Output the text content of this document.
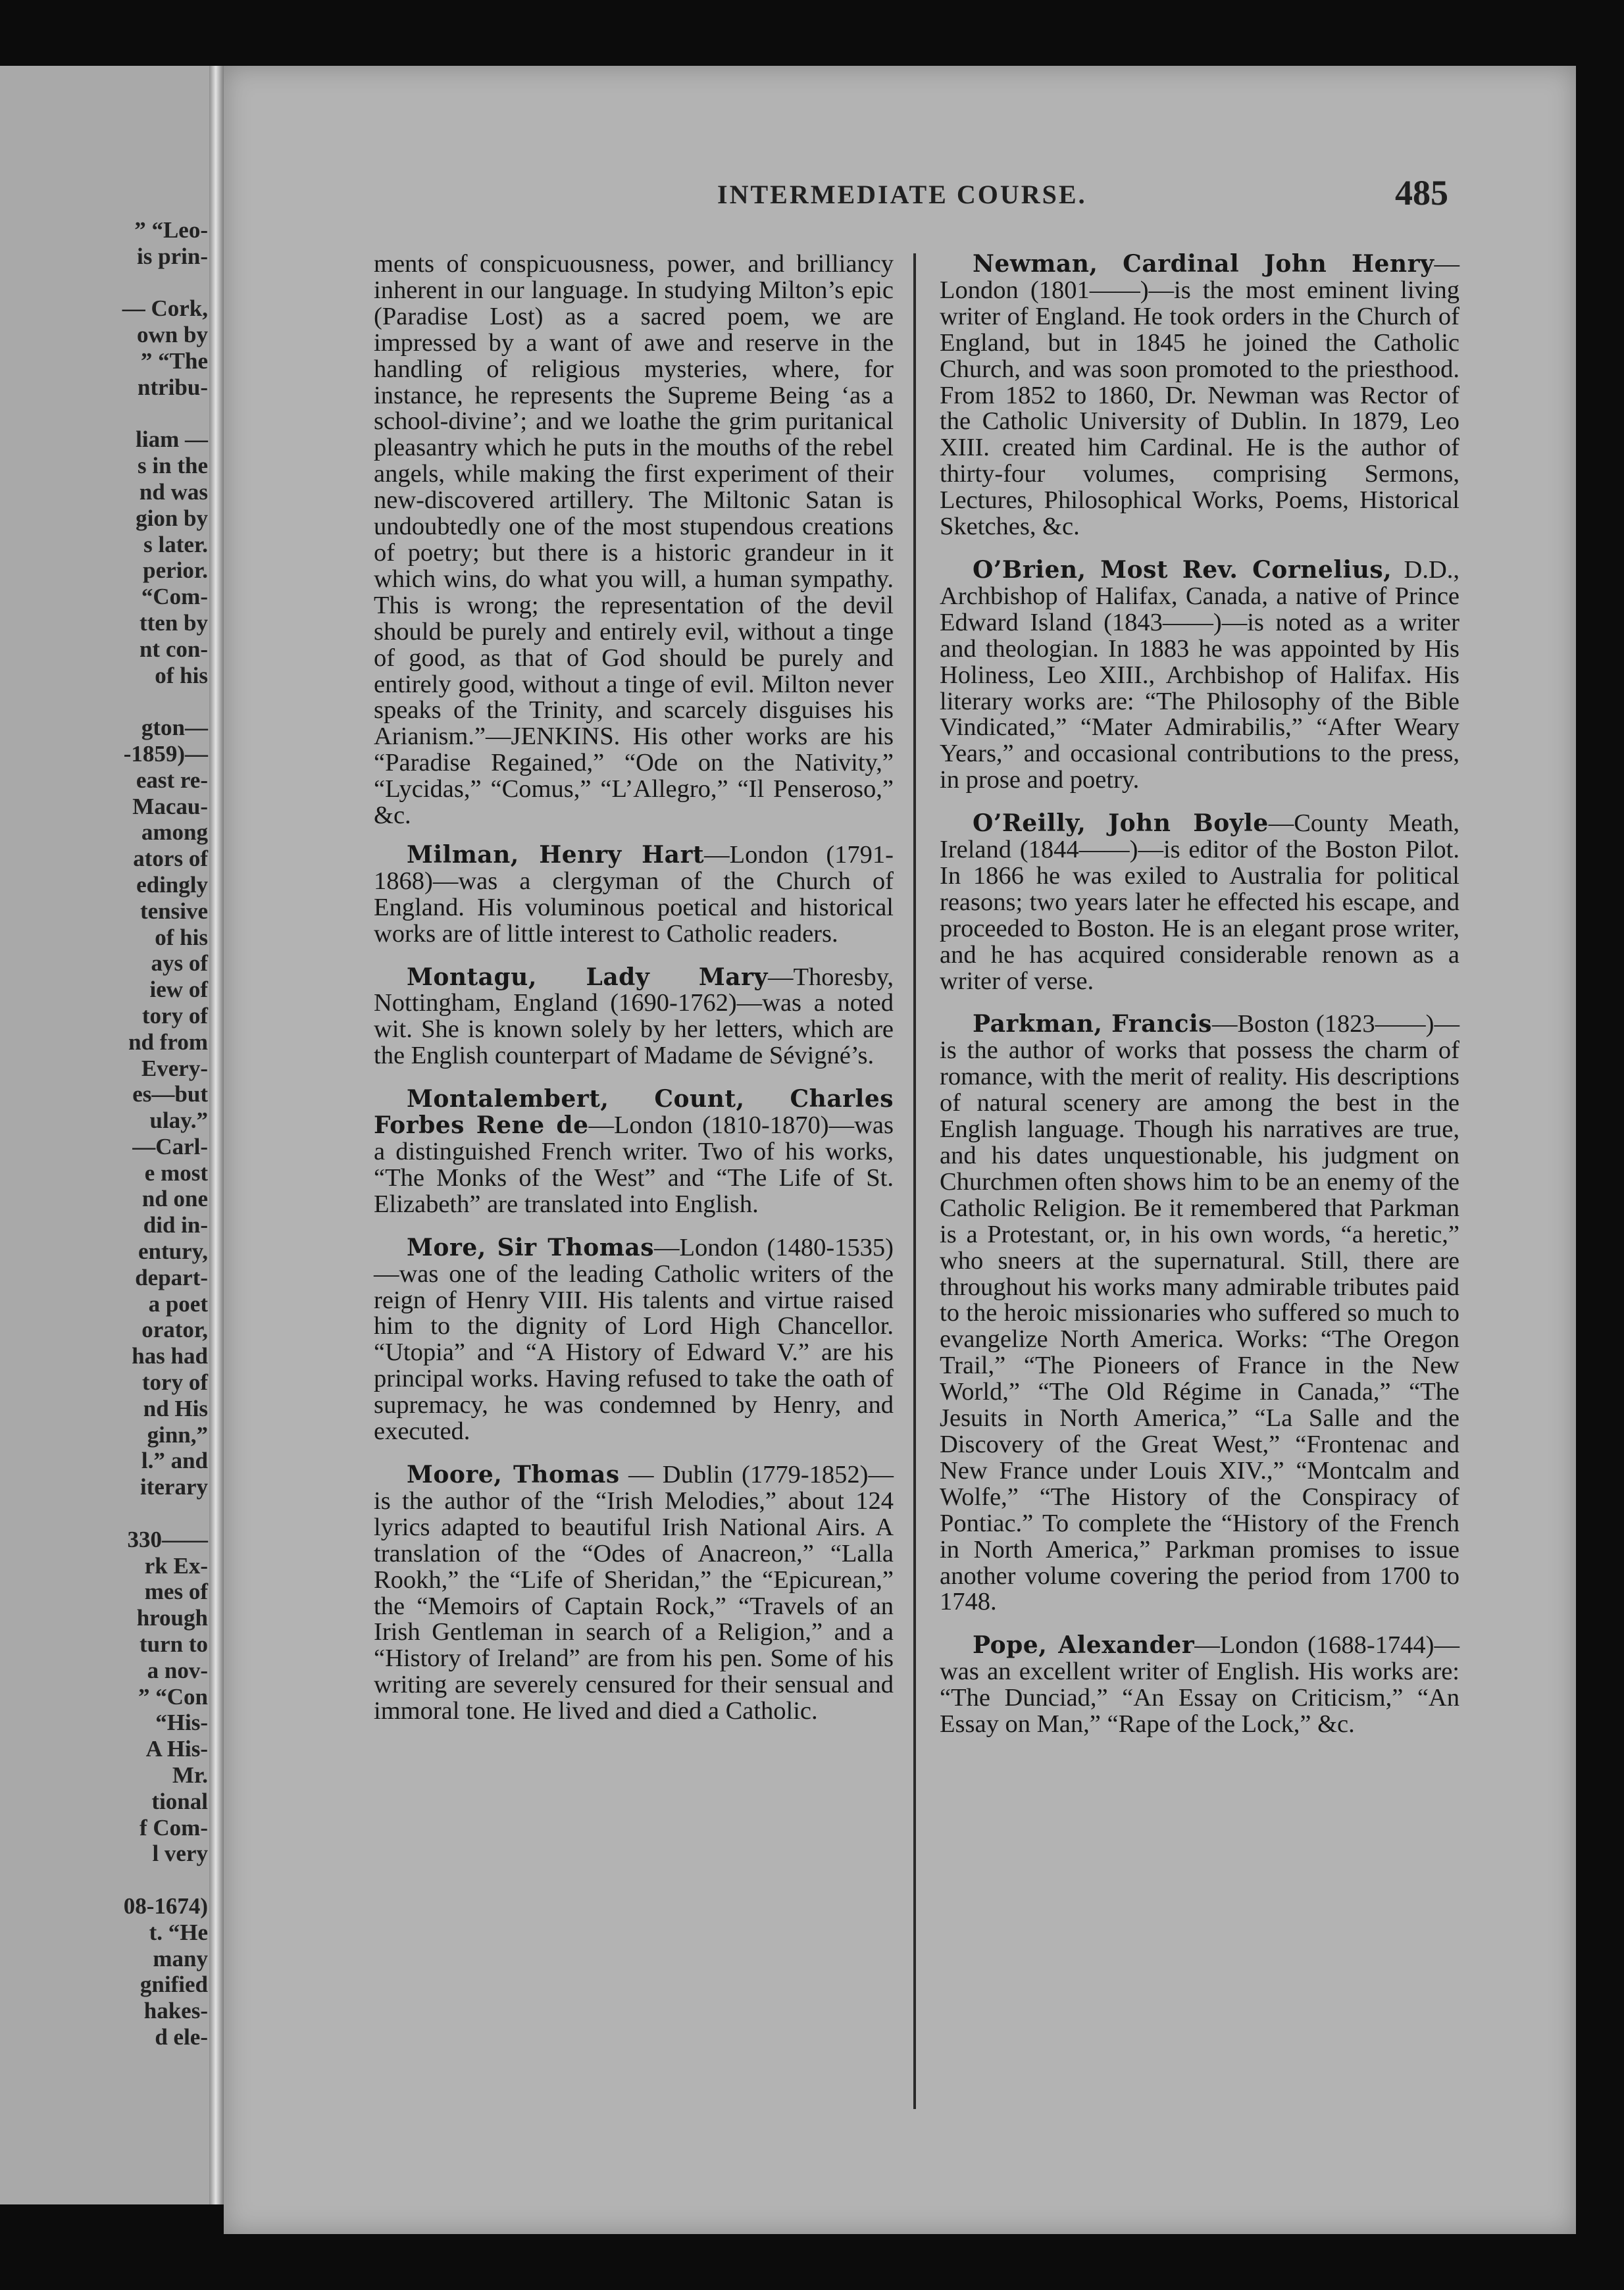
” “Leo-
is prin-
— Cork,
own by
” “The
ntribu-
liam —
s in the
nd was
gion by
s later.
perior.
“Com-
tten by
nt con-
of his
gton—
-1859)—
east re-
Macau-
among
ators of
edingly
tensive
of his
ays of
iew of
tory of
nd from
Every-
es—but
ulay.”
—Carl-
e most
nd one
did in-
entury,
depart-
a poet
orator,
has had
tory of
nd His
ginn,”
l.” and
iterary
330——
rk Ex-
mes of
hrough
turn to
a nov-
” “Con
“His-
A His-
Mr.
tional
f Com-
l very
08-1674)
t. “He
many
gnified
hakes-
d ele-
INTERMEDIATE COURSE.	485

ments of conspicuousness, power, and brilliancy inherent in our language. In studying Milton’s epic (Paradise Lost) as a sacred poem, we are impressed by a want of awe and reserve in the handling of religious mysteries, where, for instance, he represents the Supreme Being ‘as a school-divine’; and we loathe the grim puritanical pleasantry which he puts in the mouths of the rebel angels, while making the first experiment of their new-discovered artillery. The Miltonic Satan is undoubtedly one of the most stupendous creations of poetry; but there is a historic grandeur in it which wins, do what you will, a human sympathy. This is wrong; the representation of the devil should be purely and entirely evil, without a tinge of good, as that of God should be purely and entirely good, without a tinge of evil. Milton never speaks of the Trinity, and scarcely disguises his Arianism.”—JENKINS. His other works are his “Paradise Regained,” “Ode on the Nativity,” “Lycidas,” “Comus,” “L’Allegro,” “Il Penseroso,” &c.

Milman, Henry Hart—London (1791-1868)—was a clergyman of the Church of England. His voluminous poetical and historical works are of little interest to Catholic readers.

Montagu, Lady Mary—Thoresby, Nottingham, England (1690-1762)—was a noted wit. She is known solely by her letters, which are the English counterpart of Madame de Sévigné’s.

Montalembert, Count, Charles Forbes Rene de—London (1810-1870)—was a distinguished French writer. Two of his works, “The Monks of the West” and “The Life of St. Elizabeth” are translated into English.

More, Sir Thomas—London (1480-1535)—was one of the leading Catholic writers of the reign of Henry VIII. His talents and virtue raised him to the dignity of Lord High Chancellor. “Utopia” and “A History of Edward V.” are his principal works. Having refused to take the oath of supremacy, he was condemned by Henry, and executed.

Moore, Thomas — Dublin (1779-1852)—is the author of the “Irish Melodies,” about 124 lyrics adapted to beautiful Irish National Airs. A translation of the “Odes of Anacreon,” “Lalla Rookh,” the “Life of Sheridan,” the “Epicurean,” the “Memoirs of Captain Rock,” “Travels of an Irish Gentleman in search of a Religion,” and a “History of Ireland” are from his pen. Some of his writing are severely censured for their sensual and immoral tone. He lived and died a Catholic.

Newman, Cardinal John Henry—London (1801——)—is the most eminent living writer of England. He took orders in the Church of England, but in 1845 he joined the Catholic Church, and was soon promoted to the priesthood. From 1852 to 1860, Dr. Newman was Rector of the Catholic University of Dublin. In 1879, Leo XIII. created him Cardinal. He is the author of thirty-four volumes, comprising Sermons, Lectures, Philosophical Works, Poems, Historical Sketches, &c.

O’Brien, Most Rev. Cornelius, D.D., Archbishop of Halifax, Canada, a native of Prince Edward Island (1843——)—is noted as a writer and theologian. In 1883 he was appointed by His Holiness, Leo XIII., Archbishop of Halifax. His literary works are: “The Philosophy of the Bible Vindicated,” “Mater Admirabilis,” “After Weary Years,” and occasional contributions to the press, in prose and poetry.

O’Reilly, John Boyle—County Meath, Ireland (1844——)—is editor of the Boston Pilot. In 1866 he was exiled to Australia for political reasons; two years later he effected his escape, and proceeded to Boston. He is an elegant prose writer, and he has acquired considerable renown as a writer of verse.

Parkman, Francis—Boston (1823——)—is the author of works that possess the charm of romance, with the merit of reality. His descriptions of natural scenery are among the best in the English language. Though his narratives are true, and his dates unquestionable, his judgment on Churchmen often shows him to be an enemy of the Catholic Religion. Be it remembered that Parkman is a Protestant, or, in his own words, “a heretic,” who sneers at the supernatural. Still, there are throughout his works many admirable tributes paid to the heroic missionaries who suffered so much to evangelize North America. Works: “The Oregon Trail,” “The Pioneers of France in the New World,” “The Old Régime in Canada,” “The Jesuits in North America,” “La Salle and the Discovery of the Great West,” “Frontenac and New France under Louis XIV.,” “Montcalm and Wolfe,” “The History of the Conspiracy of Pontiac.” To complete the “History of the French in North America,” Parkman promises to issue another volume covering the period from 1700 to 1748.

Pope, Alexander—London (1688-1744)—was an excellent writer of English. His works are: “The Dunciad,” “An Essay on Criticism,” “An Essay on Man,” “Rape of the Lock,” &c.
